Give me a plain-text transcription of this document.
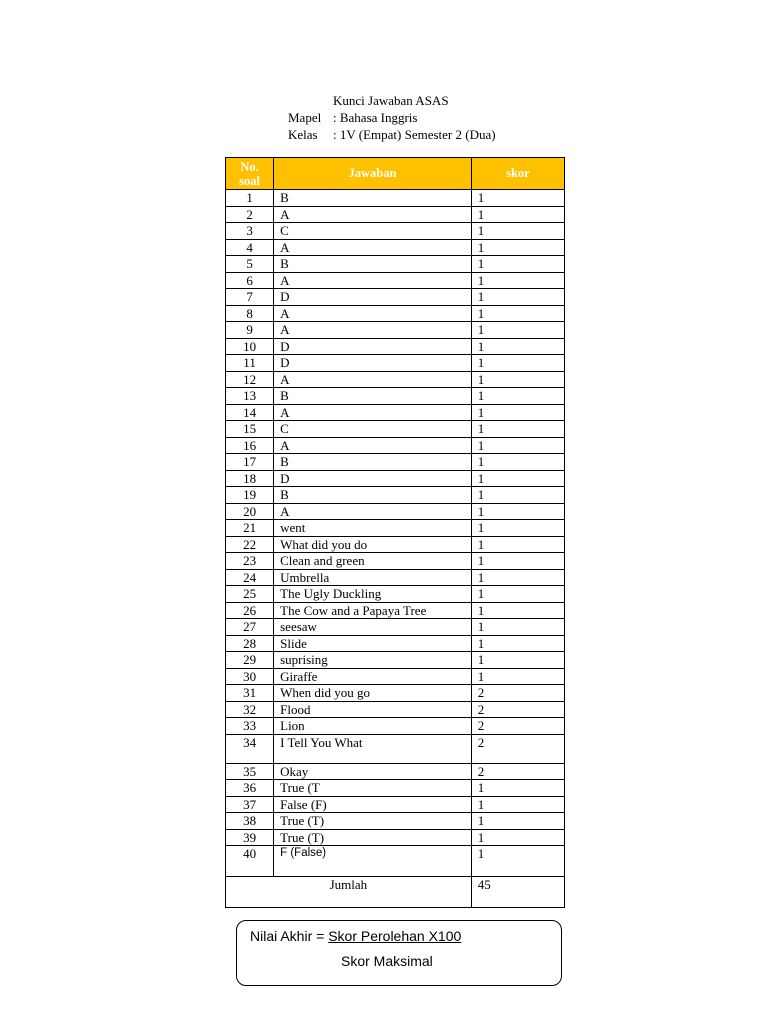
Kunci Jawaban ASAS
Mapel : Bahasa Inggris
Kelas	: 1V (Empat) Semester 2 (Dua)
No.
soal	Jawaban	skor
1	B	1
2	A	1
3	C	1
4	A	1
5	B	1
6	A	1
7	D	1
8	A	1
9	A	1
10	D	1
11	D	1
12	A	1
13	B	1
14	A	1
15	C	1
16	A	1
17	B	1
18	D	1
19	B	1
20	A	1
21	went	1
22	What did you do	1
23	Clean and green	1
24	Umbrella	1
25	The Ugly Duckling	1
26	The Cow and a Papaya Tree	1
27	seesaw	1
28	Slide	1
29	suprising	1
30	Giraffe	1
31	When did you go	2
32	Flood	2
33	Lion	2
34	I Tell You What	2
35	Okay	2
36	True (T	1
37	False (F)	1
38	True (T)	1
39	True (T)	1
40	F (False)	1
Jumlah		45
Nilai Akhir = Skor Perolehan X100
Skor Maksimal
